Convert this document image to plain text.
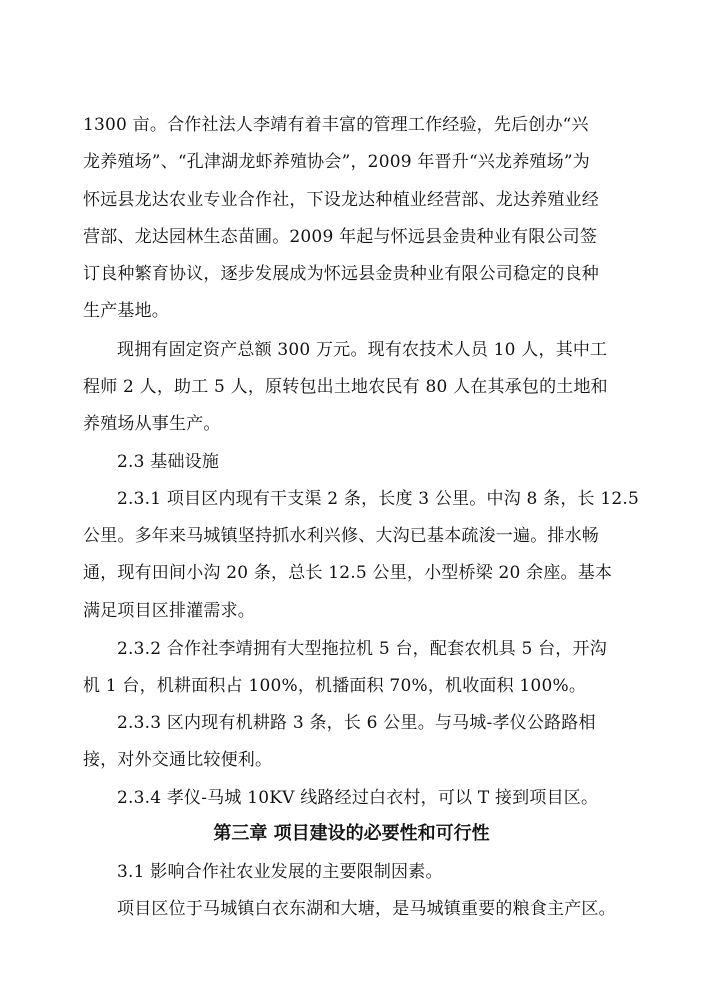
1300 亩。合作社法人李靖有着丰富的管理工作经验，先后创办“兴
龙养殖场”、“孔津湖龙虾养殖协会”，2009 年晋升“兴龙养殖场”为
怀远县龙达农业专业合作社，下设龙达种植业经营部、龙达养殖业经
营部、龙达园林生态苗圃。2009 年起与怀远县金贵种业有限公司签
订良种繁育协议，逐步发展成为怀远县金贵种业有限公司稳定的良种
生产基地。
现拥有固定资产总额 300 万元。现有农技术人员 10 人，其中工
程师 2 人，助工 5 人，原转包出土地农民有 80 人在其承包的土地和
养殖场从事生产。
2.3 基础设施
2.3.1 项目区内现有干支渠 2 条，长度 3 公里。中沟 8 条，长 12.5
公里。多年来马城镇坚持抓水利兴修、大沟已基本疏浚一遍。排水畅
通，现有田间小沟 20 条，总长 12.5 公里，小型桥梁 20 余座。基本
满足项目区排灌需求。
2.3.2 合作社李靖拥有大型拖拉机 5 台，配套农机具 5 台，开沟
机 1 台，机耕面积占 100%，机播面积 70%，机收面积 100%。
2.3.3 区内现有机耕路 3 条，长 6 公里。与马城-孝仪公路路相
接，对外交通比较便利。
2.3.4 孝仪-马城 10KV 线路经过白衣村，可以 T 接到项目区。
第三章 项目建设的必要性和可行性
3.1 影响合作社农业发展的主要限制因素。
项目区位于马城镇白衣东湖和大塘，是马城镇重要的粮食主产区。
